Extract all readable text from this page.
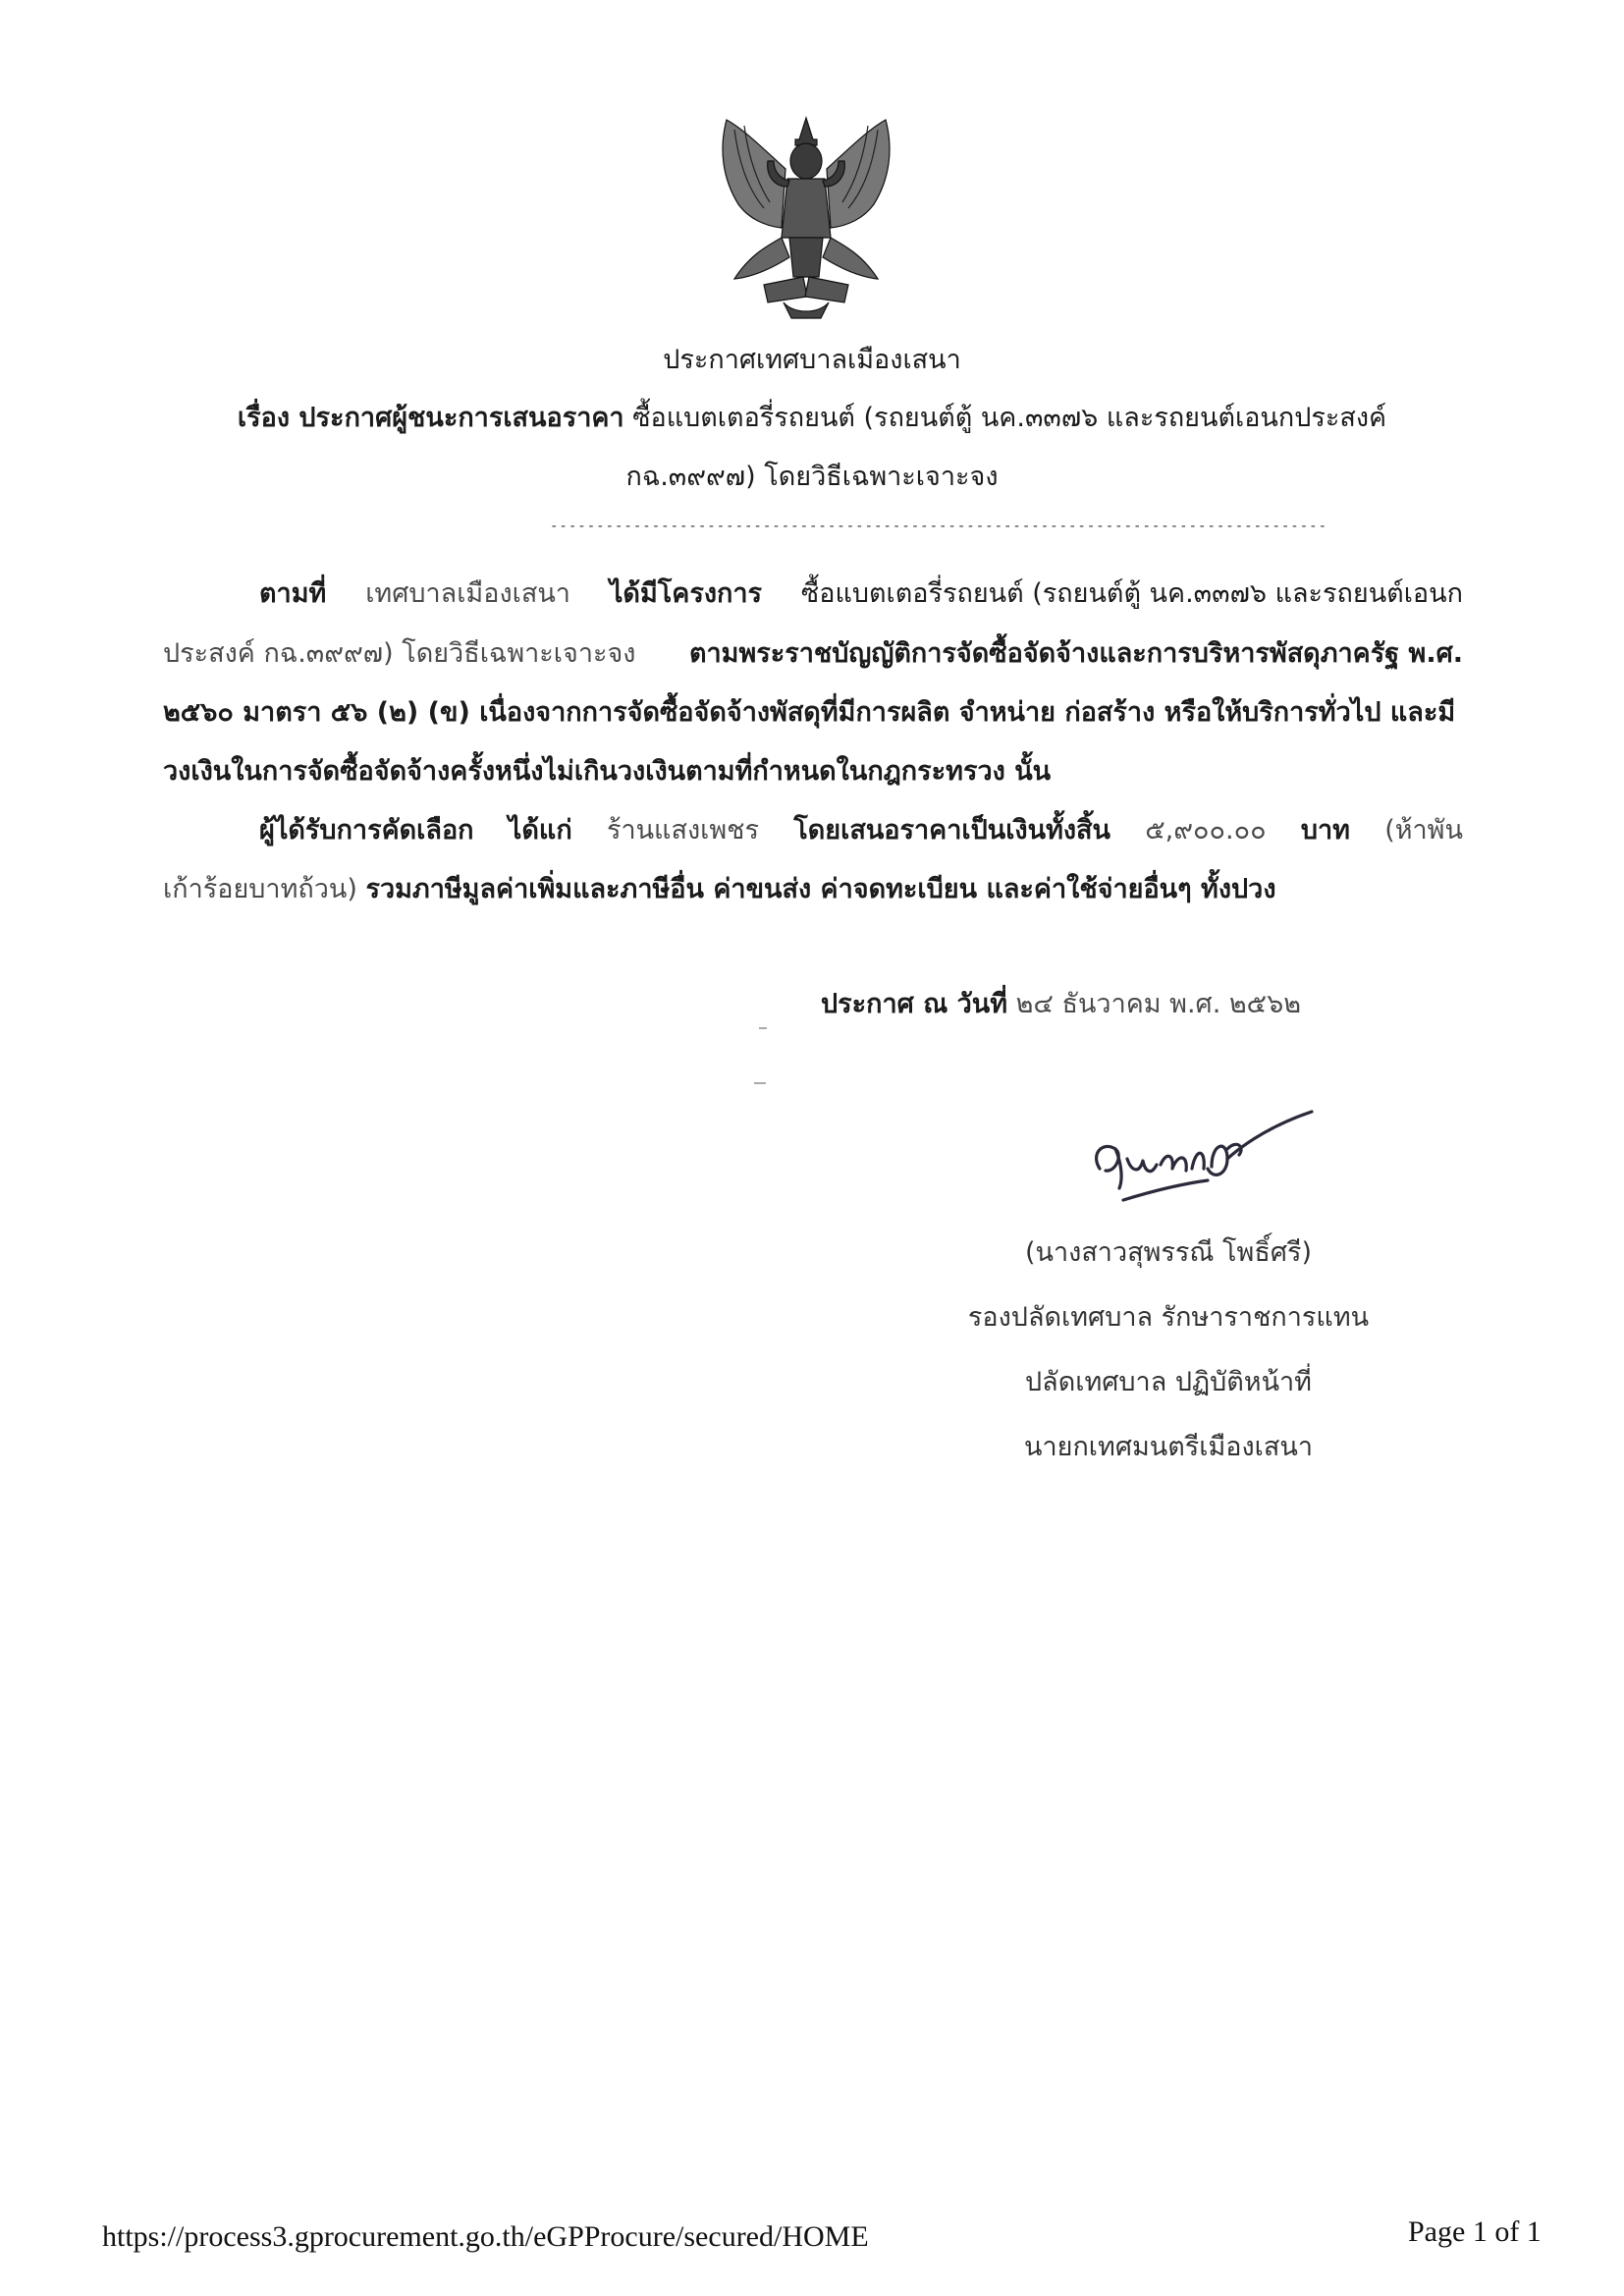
ประกาศเทศบาลเมืองเสนา
เรื่อง ประกาศผู้ชนะการเสนอราคา ซื้อแบตเตอรี่รถยนต์ (รถยนต์ตู้ นค.๓๓๗๖ และรถยนต์เอนกประสงค์
กฉ.๓๙๙๗) โดยวิธีเฉพาะเจาะจง
------------------------------------------------------------------------------------
ตามที่ เทศบาลเมืองเสนา ได้มีโครงการ ซื้อแบตเตอรี่รถยนต์ (รถยนต์ตู้ นค.๓๓๗๖ และรถยนต์เอนก
ประสงค์ กฉ.๓๙๙๗) โดยวิธีเฉพาะเจาะจง ตามพระราชบัญญัติการจัดซื้อจัดจ้างและการบริหารพัสดุภาครัฐ พ.ศ.
๒๕๖๐ มาตรา ๕๖ (๒) (ข) เนื่องจากการจัดซื้อจัดจ้างพัสดุที่มีการผลิต จำหน่าย ก่อสร้าง หรือให้บริการทั่วไป และมี
วงเงินในการจัดซื้อจัดจ้างครั้งหนึ่งไม่เกินวงเงินตามที่กำหนดในกฎกระทรวง นั้น
ผู้ได้รับการคัดเลือก ได้แก่ ร้านแสงเพชร โดยเสนอราคาเป็นเงินทั้งสิ้น ๕,๙๐๐.๐๐ บาท (ห้าพัน
เก้าร้อยบาทถ้วน) รวมภาษีมูลค่าเพิ่มและภาษีอื่น ค่าขนส่ง ค่าจดทะเบียน และค่าใช้จ่ายอื่นๆ ทั้งปวง
ประกาศ ณ วันที่ ๒๔ ธันวาคม พ.ศ. ๒๕๖๒
(นางสาวสุพรรณี โพธิ์ศรี)
รองปลัดเทศบาล รักษาราชการแทน
ปลัดเทศบาล ปฏิบัติหน้าที่
นายกเทศมนตรีเมืองเสนา
https://process3.gprocurement.go.th/eGPProcure/secured/HOME	Page 1 of 1
